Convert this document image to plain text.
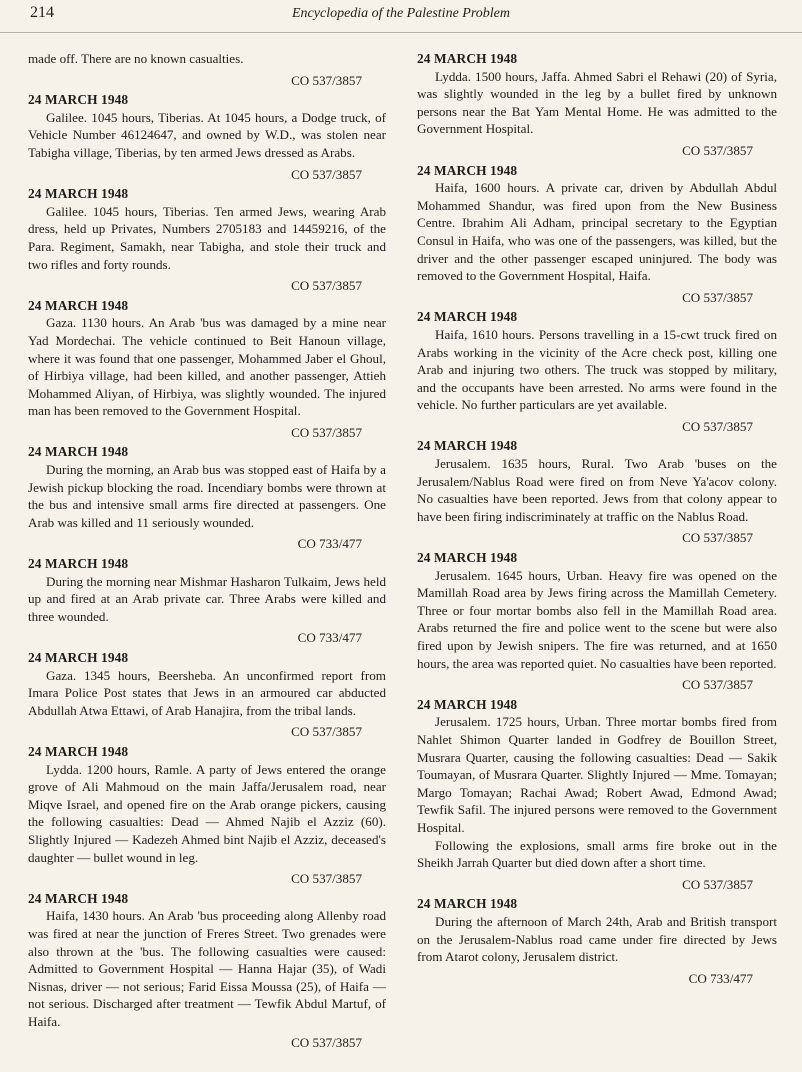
214	Encyclopedia of the Palestine Problem

made off. There are no known casualties.

CO 537/3857
24 MARCH 1948

Galilee. 1045 hours, Tiberias. At 1045 hours, a Dodge truck, of Vehicle Number 46124647, and owned by W.D., was stolen near Tabigha village, Tiberias, by ten armed Jews dressed as Arabs.

CO 537/3857
24 MARCH 1948

Galilee. 1045 hours, Tiberias. Ten armed Jews, wearing Arab dress, held up Privates, Numbers 2705183 and 14459216, of the Para. Regiment, Samakh, near Tabigha, and stole their truck and two rifles and forty rounds.

CO 537/3857
24 MARCH 1948

Gaza. 1130 hours. An Arab 'bus was damaged by a mine near Yad Mordechai. The vehicle continued to Beit Hanoun village, where it was found that one passenger, Mohammed Jaber el Ghoul, of Hirbiya village, had been killed, and another passenger, Attieh Mohammed Aliyan, of Hirbiya, was slightly wounded. The injured man has been removed to the Government Hospital.

CO 537/3857
24 MARCH 1948

During the morning, an Arab bus was stopped east of Haifa by a Jewish pickup blocking the road. Incendiary bombs were thrown at the bus and intensive small arms fire directed at passengers. One Arab was killed and 11 seriously wounded.

CO 733/477
24 MARCH 1948

During the morning near Mishmar Hasharon Tulkaim, Jews held up and fired at an Arab private car. Three Arabs were killed and three wounded.

CO 733/477
24 MARCH 1948

Gaza. 1345 hours, Beersheba. An unconfirmed report from Imara Police Post states that Jews in an armoured car abducted Abdullah Atwa Ettawi, of Arab Hanajira, from the tribal lands.

CO 537/3857
24 MARCH 1948

Lydda. 1200 hours, Ramle. A party of Jews entered the orange grove of Ali Mahmoud on the main Jaffa/Jerusalem road, near Miqve Israel, and opened fire on the Arab orange pickers, causing the following casualties: Dead — Ahmed Najib el Azziz (60). Slightly Injured — Kadezeh Ahmed bint Najib el Azziz, deceased's daughter — bullet wound in leg.

CO 537/3857
24 MARCH 1948

Haifa, 1430 hours. An Arab 'bus proceeding along Allenby road was fired at near the junction of Freres Street. Two grenades were also thrown at the 'bus. The following casualties were caused: Admitted to Government Hospital — Hanna Hajar (35), of Wadi Nisnas, driver — not serious; Farid Eissa Moussa (25), of Haifa — not serious. Discharged after treatment — Tewfik Abdul Martuf, of Haifa.

CO 537/3857
24 MARCH 1948

Lydda. 1500 hours, Jaffa. Ahmed Sabri el Rehawi (20) of Syria, was slightly wounded in the leg by a bullet fired by unknown persons near the Bat Yam Mental Home. He was admitted to the Government Hospital.

CO 537/3857
24 MARCH 1948

Haifa, 1600 hours. A private car, driven by Abdullah Abdul Mohammed Shandur, was fired upon from the New Business Centre. Ibrahim Ali Adham, principal secretary to the Egyptian Consul in Haifa, who was one of the passengers, was killed, but the driver and the other passenger escaped uninjured. The body was removed to the Government Hospital, Haifa.

CO 537/3857
24 MARCH 1948

Haifa, 1610 hours. Persons travelling in a 15-cwt truck fired on Arabs working in the vicinity of the Acre check post, killing one Arab and injuring two others. The truck was stopped by military, and the occupants have been arrested. No arms were found in the vehicle. No further particulars are yet available.

CO 537/3857
24 MARCH 1948

Jerusalem. 1635 hours, Rural. Two Arab 'buses on the Jerusalem/Nablus Road were fired on from Neve Ya'acov colony. No casualties have been reported. Jews from that colony appear to have been firing indiscriminately at traffic on the Nablus Road.

CO 537/3857
24 MARCH 1948

Jerusalem. 1645 hours, Urban. Heavy fire was opened on the Mamillah Road area by Jews firing across the Mamillah Cemetery. Three or four mortar bombs also fell in the Mamillah Road area. Arabs returned the fire and police went to the scene but were also fired upon by Jewish snipers. The fire was returned, and at 1650 hours, the area was reported quiet. No casualties have been reported.

CO 537/3857
24 MARCH 1948

Jerusalem. 1725 hours, Urban. Three mortar bombs fired from Nahlet Shimon Quarter landed in Godfrey de Bouillon Street, Musrara Quarter, causing the following casualties: Dead — Sakik Toumayan, of Musrara Quarter. Slightly Injured — Mme. Tomayan; Margo Tomayan; Rachai Awad; Robert Awad, Edmond Awad; Tewfik Safil. The injured persons were removed to the Government Hospital.

Following the explosions, small arms fire broke out in the Sheikh Jarrah Quarter but died down after a short time.

CO 537/3857
24 MARCH 1948

During the afternoon of March 24th, Arab and British transport on the Jerusalem-Nablus road came under fire directed by Jews from Atarot colony, Jerusalem district.

CO 733/477
